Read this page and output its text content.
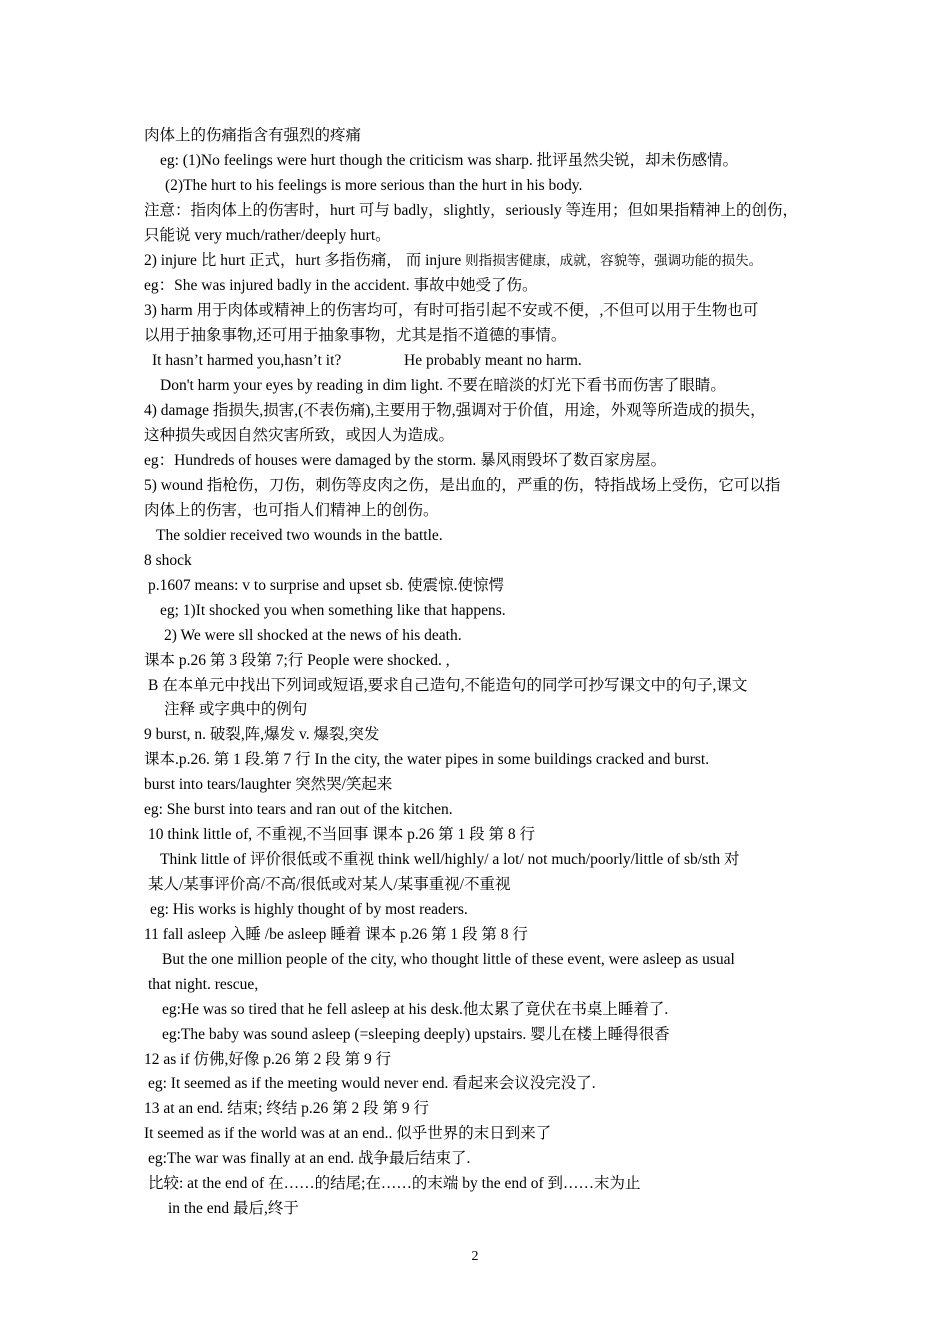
肉体上的伤痛指含有强烈的疼痛
eg: (1)No feelings were hurt though the criticism was sharp. 批评虽然尖锐，却未伤感情。
(2)The hurt to his feelings is more serious than the hurt in his body.
注意：指肉体上的伤害时，hurt 可与 badly，slightly，seriously 等连用；但如果指精神上的创伤，
只能说 very much/rather/deeply hurt。
2) injure 比 hurt 正式，hurt 多指伤痛， 而 injure 则指损害健康，成就，容貌等，强调功能的损失。
eg：She was injured badly in the accident. 事故中她受了伤。
3) harm 用于肉体或精神上的伤害均可，有时可指引起不安或不便，,不但可以用于生物也可
以用于抽象事物,还可用于抽象事物，尤其是指不道德的事情。
It hasn’t harmed you,hasn’t it?	He probably meant no harm.
Don't harm your eyes by reading in dim light. 不要在暗淡的灯光下看书而伤害了眼睛。
4) damage 指损失,损害,(不表伤痛),主要用于物,强调对于价值，用途，外观等所造成的损失，
这种损失或因自然灾害所致，或因人为造成。
eg：Hundreds of houses were damaged by the storm. 暴风雨毁坏了数百家房屋。
5) wound 指枪伤，刀伤，刺伤等皮肉之伤，是出血的，严重的伤，特指战场上受伤，它可以指
肉体上的伤害，也可指人们精神上的创伤。
The soldier received two wounds in the battle.
8 shock
p.1607 means: v to surprise and upset sb. 使震惊.使惊愕
eg; 1)It shocked you when something like that happens.
2) We were sll shocked at the news of his death.
课本 p.26 第 3 段第 7;行 People were shocked. ,
B 在本单元中找出下列词或短语,要求自己造句,不能造句的同学可抄写课文中的句子,课文
注释 或字典中的例句
9 burst, n. 破裂,阵,爆发 v. 爆裂,突发
课本.p.26. 第 1 段.第 7 行 In the city, the water pipes in some buildings cracked and burst.
burst into tears/laughter 突然哭/笑起来
eg: She burst into tears and ran out of the kitchen.
10 think little of, 不重视,不当回事 课本 p.26 第 1 段 第 8 行
Think little of 评价很低或不重视 think well/highly/ a lot/ not much/poorly/little of sb/sth 对
某人/某事评价高/不高/很低或对某人/某事重视/不重视
eg: His works is highly thought of by most readers.
11 fall asleep 入睡 /be asleep 睡着 课本 p.26 第 1 段 第 8 行
But the one million people of the city, who thought little of these event, were asleep as usual
that night. rescue,
eg:He was so tired that he fell asleep at his desk.他太累了竟伏在书桌上睡着了.
eg:The baby was sound asleep (=sleeping deeply) upstairs. 婴儿在楼上睡得很香
12 as if 仿佛,好像 p.26 第 2 段 第 9 行
eg: It seemed as if the meeting would never end. 看起来会议没完没了.
13 at an end. 结束; 终结 p.26 第 2 段 第 9 行
It seemed as if the world was at an end.. 似乎世界的末日到来了
eg:The war was finally at an end. 战争最后结束了.
比较: at the end of 在……的结尾;在……的末端 by the end of 到……末为止
in the end 最后,终于
2
